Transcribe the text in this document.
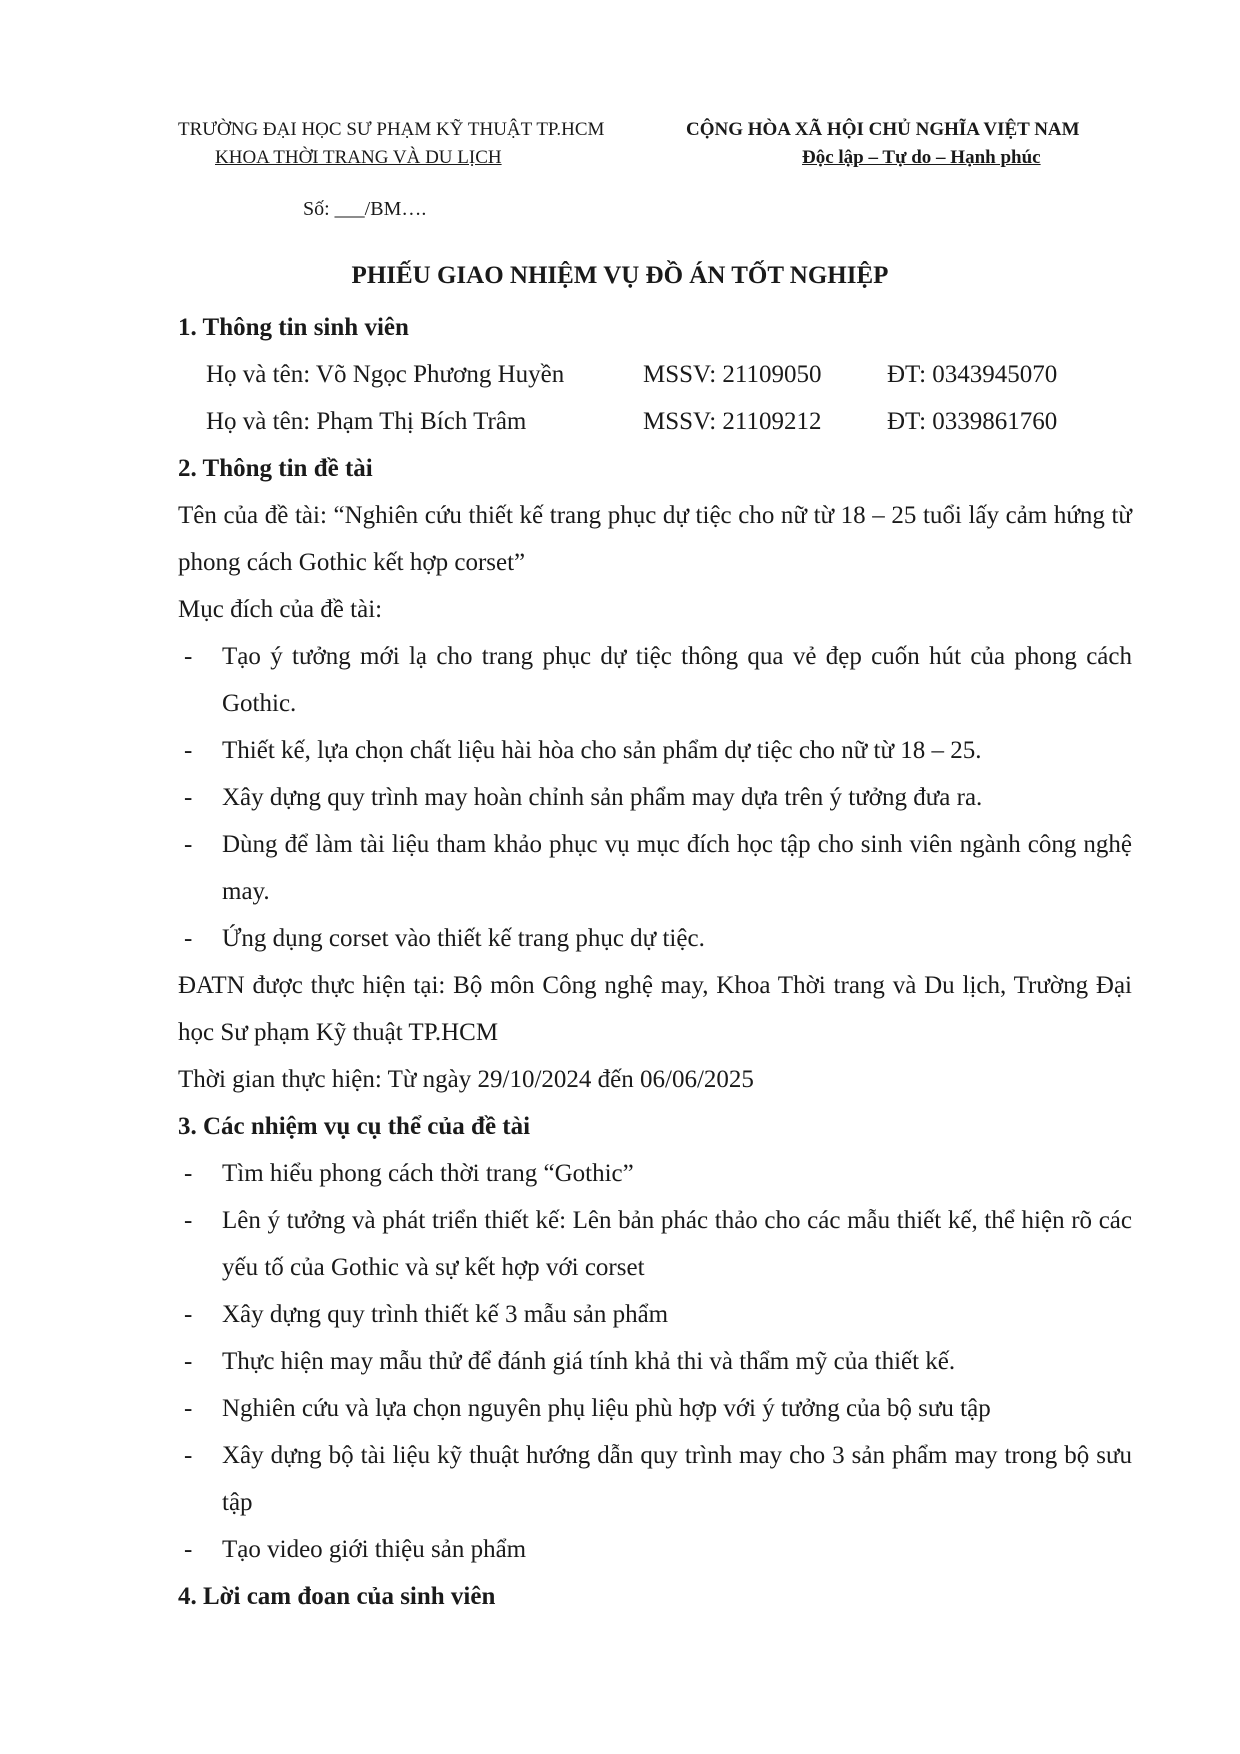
TRƯỜNG ĐẠI HỌC SƯ PHẠM KỸ THUẬT TP.HCM
KHOA THỜI TRANG VÀ DU LỊCH
CỘNG HÒA XÃ HỘI CHỦ NGHĨA VIỆT NAM
Độc lập – Tự do – Hạnh phúc
Số: ___/BM….
PHIẾU GIAO NHIỆM VỤ ĐỒ ÁN TỐT NGHIỆP
1. Thông tin sinh viên
Họ và tên: Võ Ngọc Phương Huyền	MSSV: 21109050	ĐT: 0343945070
Họ và tên: Phạm Thị Bích Trâm	MSSV: 21109212	ĐT: 0339861760
2. Thông tin đề tài
Tên của đề tài: “Nghiên cứu thiết kế trang phục dự tiệc cho nữ từ 18 – 25 tuổi lấy cảm hứng từ phong cách Gothic kết hợp corset”
Mục đích của đề tài:
- Tạo ý tưởng mới lạ cho trang phục dự tiệc thông qua vẻ đẹp cuốn hút của phong cách Gothic.
- Thiết kế, lựa chọn chất liệu hài hòa cho sản phẩm dự tiệc cho nữ từ 18 – 25.
- Xây dựng quy trình may hoàn chỉnh sản phẩm may dựa trên ý tưởng đưa ra.
- Dùng để làm tài liệu tham khảo phục vụ mục đích học tập cho sinh viên ngành công nghệ may.
- Ứng dụng corset vào thiết kế trang phục dự tiệc.
ĐATN được thực hiện tại: Bộ môn Công nghệ may, Khoa Thời trang và Du lịch, Trường Đại học Sư phạm Kỹ thuật TP.HCM
Thời gian thực hiện: Từ ngày 29/10/2024 đến 06/06/2025
3. Các nhiệm vụ cụ thể của đề tài
- Tìm hiểu phong cách thời trang “Gothic”
- Lên ý tưởng và phát triển thiết kế: Lên bản phác thảo cho các mẫu thiết kế, thể hiện rõ các yếu tố của Gothic và sự kết hợp với corset
- Xây dựng quy trình thiết kế 3 mẫu sản phẩm
- Thực hiện may mẫu thử để đánh giá tính khả thi và thẩm mỹ của thiết kế.
- Nghiên cứu và lựa chọn nguyên phụ liệu phù hợp với ý tưởng của bộ sưu tập
- Xây dựng bộ tài liệu kỹ thuật hướng dẫn quy trình may cho 3 sản phẩm may trong bộ sưu tập
- Tạo video giới thiệu sản phẩm
4. Lời cam đoan của sinh viên
